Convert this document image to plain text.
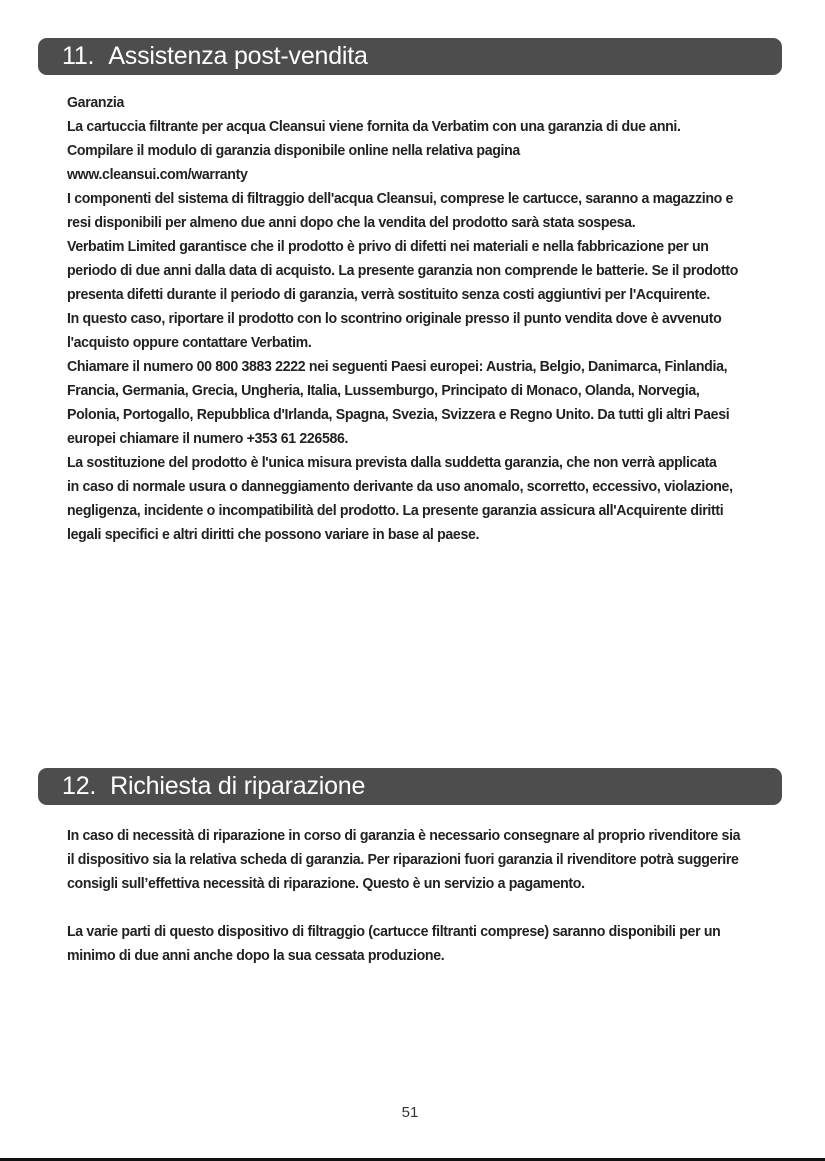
11. Assistenza post-vendita

Garanzia

La cartuccia filtrante per acqua Cleansui viene fornita da Verbatim con una garanzia di due anni.

Compilare il modulo di garanzia disponibile online nella relativa pagina

www.cleansui.com/warranty

I componenti del sistema di filtraggio dell'acqua Cleansui, comprese le cartucce, saranno a magazzino e

resi disponibili per almeno due anni dopo che la vendita del prodotto sarà stata sospesa.

Verbatim Limited garantisce che il prodotto è privo di difetti nei materiali e nella fabbricazione per un

periodo di due anni dalla data di acquisto. La presente garanzia non comprende le batterie. Se il prodotto

presenta difetti durante il periodo di garanzia, verrà sostituito senza costi aggiuntivi per l'Acquirente.

In questo caso, riportare il prodotto con lo scontrino originale presso il punto vendita dove è avvenuto

l'acquisto oppure contattare Verbatim.

Chiamare il numero 00 800 3883 2222 nei seguenti Paesi europei: Austria, Belgio, Danimarca, Finlandia,

Francia, Germania, Grecia, Ungheria, Italia, Lussemburgo, Principato di Monaco, Olanda, Norvegia,

Polonia, Portogallo, Repubblica d'Irlanda, Spagna, Svezia, Svizzera e Regno Unito. Da tutti gli altri Paesi

europei chiamare il numero +353 61 226586.

La sostituzione del prodotto è l'unica misura prevista dalla suddetta garanzia, che non verrà applicata

in caso di normale usura o danneggiamento derivante da uso anomalo, scorretto, eccessivo, violazione,

negligenza, incidente o incompatibilità del prodotto. La presente garanzia assicura all'Acquirente diritti

legali specifici e altri diritti che possono variare in base al paese.

12. Richiesta di riparazione

In caso di necessità di riparazione in corso di garanzia è necessario consegnare al proprio rivenditore sia

il dispositivo sia la relativa scheda di garanzia. Per riparazioni fuori garanzia il rivenditore potrà suggerire

consigli sull’effettiva necessità di riparazione. Questo è un servizio a pagamento.

La varie parti di questo dispositivo di filtraggio (cartucce filtranti comprese) saranno disponibili per un

minimo di due anni anche dopo la sua cessata produzione.

51
